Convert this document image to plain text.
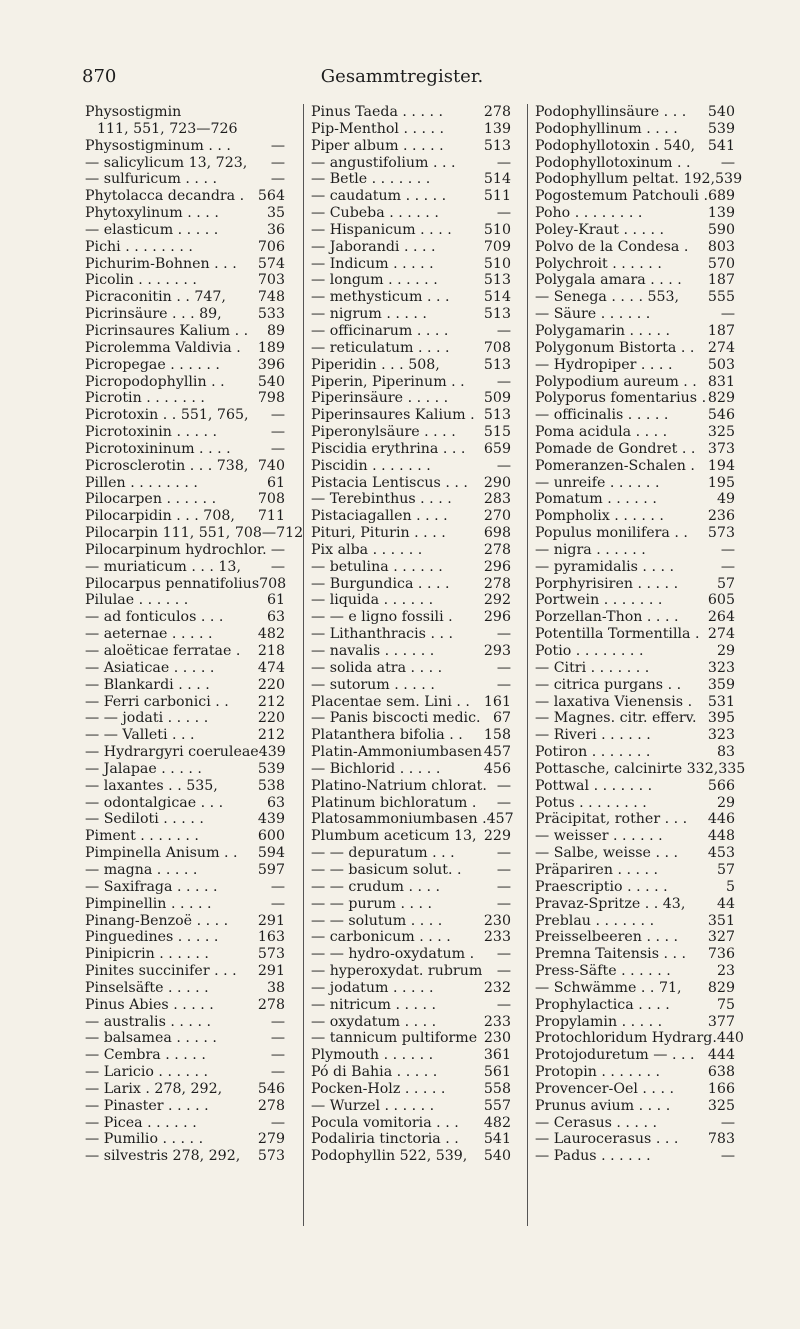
870	Gesammtregister.
Physostigmin
111, 551, 723—726
Physostigminum . . .	—
— salicylicum 13, 723, —
— sulfuricum . . . .	—
Phytolacca decandra . 564
Phytoxylinum . . . .	35
— elasticum . . . . .	36
Pichi . . . . . . . .	706
Pichurim-Bohnen . . . 574
Picolin . . . . . . .	703
Picraconitin . . 747, 748
Picrinsäure . . . 89,	533
Picrinsaures Kalium . . 89
Picrolemma Valdivia . 189
Picropegae . . . . . .	396
Picropodophyllin . . 540
Picrotin . . . . . . .	798
Picrotoxin . . 551, 765, —
Picrotoxinin . . . . .	—
Picrotoxininum . . . .	—
Picrosclerotin . . . 738, 740
Pillen . . . . . . . .	61
Pilocarpen . . . . . .	708
Pilocarpidin . . . 708, 711
Pilocarpin 111, 551, 708— 712
Pilocarpinum hydrochlor. —
— muriaticum . . . 13, —
Pilocarpus pennatifolius 708
Pilulae . . . . . .	61
— ad fonticulos . . .	63
— aeternae . . . . .	482
— aloëticae ferratae . 218
— Asiaticae . . . . .	474
— Blankardi . . . .	220
— Ferri carbonici . . 212
— — jodati . . . . .	220
— — Valleti . . .	212
— Hydrargyri coeruleae 439
— Jalapae . . . . .	539
— laxantes . . 535,	538
— odontalgicae . . .	63
— Sediloti . . . . .	439
Piment . . . . . . .	600
Pimpinella Anisum . . 594
— magna . . . . .	597
— Saxifraga . . . . .	—
Pimpinellin . . . . .	—
Pinang-Benzoë . . . . 291
Pinguedines . . . . .	163
Pinipicrin . . . . . .	573
Pinites succinifer . . . 291
Pinselsäfte . . . . .	38
Pinus Abies . . . . .	278
— australis . . . . .	—
— balsamea . . . . .	—
— Cembra . . . . .	—
— Laricio . . . . . .	—
— Larix . 278, 292,	546
— Pinaster . . . . .	278
— Picea . . . . . .	—
— Pumilio . . . . .	279
— silvestris 278, 292, 573
Pinus Taeda . . . . .	278
Pip-Menthol . . . . .	139
Piper album . . . . .	513
— angustifolium . . .	—
— Betle . . . . . . .	514
— caudatum . . . . .	511
— Cubeba . . . . . .	—
— Hispanicum . . . . 510
— Jaborandi . . . .	709
— Indicum . . . . .	510
— longum . . . . . .	513
— methysticum . . . 514
— nigrum . . . . .	513
— officinarum . . . .	—
— reticulatum . . . . 708
Piperidin . . . 508,	513
Piperin, Piperinum . . —
Piperinsäure . . . . .	509
Piperinsaures Kalium . 513
Piperonylsäure . . . . 515
Piscidia erythrina . . . 659
Piscidin . . . . . . .	—
Pistacia Lentiscus . . . 290
— Terebinthus . . . . 283
Pistaciagallen . . . .	270
Pituri, Piturin . . . .	698
Pix alba . . . . . .	278
— betulina . . . . . .	296
— Burgundica . . . . 278
— liquida . . . . . .	292
— — e ligno fossili . 296
— Lithanthracis . . .	—
— navalis . . . . . .	293
— solida atra . . . .	—
— sutorum . . . . .	—
Placentae sem. Lini . . 161
— Panis biscocti medic. 67
Platanthera bifolia . . 158
Platin-Ammoniumbasen 457
— Bichlorid . . . . .	456
Platino-Natrium chlorat. —
Platinum bichloratum . —
Platosammoniumbasen . 457
Plumbum aceticum 13, 229
— — depuratum . . .	—
— — basicum solut. . —
— — crudum . . . .	—
— — purum . . . .	—
— — solutum . . . .	230
— carbonicum . . . . 233
— — hydro-oxydatum . —
— hyperoxydat. rubrum —
— jodatum . . . . .	232
— nitricum . . . . .	—
— oxydatum . . . .	233
— tannicum pultiforme 230
Plymouth . . . . . .	361
Pó di Bahia . . . . .	561
Pocken-Holz . . . . .	558
— Wurzel . . . . . .	557
Pocula vomitoria . . . 482
Podaliria tinctoria . . 541
Podophyllin 522, 539, 540
Podophyllinsäure . . . 540
Podophyllinum . . . . 539
Podophyllotoxin . 540, 541
Podophyllotoxinum . . —
Podophyllum peltat. 192, 539
Pogostemum Patchouli . 689
Poho . . . . . . . .	139
Poley-Kraut . . . . .	590
Polvo de la Condesa . 803
Polychroit . . . . . .	570
Polygala amara . . . . 187
— Senega . . . . 553, 555
— Säure . . . . . .	—
Polygamarin . . . . .	187
Polygonum Bistorta . . 274
— Hydropiper . . . . 503
Polypodium aureum . . 831
Polyporus fomentarius . 829
— officinalis . . . . .	546
Poma acidula . . . .	325
Pomade de Gondret . . 373
Pomeranzen-Schalen . 194
— unreife . . . . . .	195
Pomatum . . . . . .	49
Pompholix . . . . . .	236
Populus monilifera . . 573
— nigra . . . . . .	—
— pyramidalis . . . .	—
Porphyrisiren . . . . .	57
Portwein . . . . . . .	605
Porzellan-Thon . . . . 264
Potentilla Tormentilla . 274
Potio . . . . . . . .	29
— Citri . . . . . . .	323
— citrica purgans . . 359
— laxativa Vienensis . 531
— Magnes. citr. efferv. 395
— Riveri . . . . . .	323
Potiron . . . . . . .	83
Pottasche, calcinirte 332, 335
Pottwal . . . . . . .	566
Potus . . . . . . . .	29
Präcipitat, rother . . . 446
— weisser . . . . . .	448
— Salbe, weisse . . . 453
Präpariren . . . . .	57
Praescriptio . . . . .	5
Pravaz-Spritze . . 43, 44
Preblau . . . . . . .	351
Preisselbeeren . . . . 327
Premna Taitensis . . . 736
Press-Säfte . . . . . .	23
— Schwämme . . 71, 829
Prophylactica . . . .	75
Propylamin . . . . .	377
Protochloridum Hydrarg. 440
Protojoduretum — . . . 444
Protopin . . . . . . .	638
Provencer-Oel . . . . 166
Prunus avium . . . .	325
— Cerasus . . . . .	—
— Laurocerasus . . . 783
— Padus . . . . . .	—
